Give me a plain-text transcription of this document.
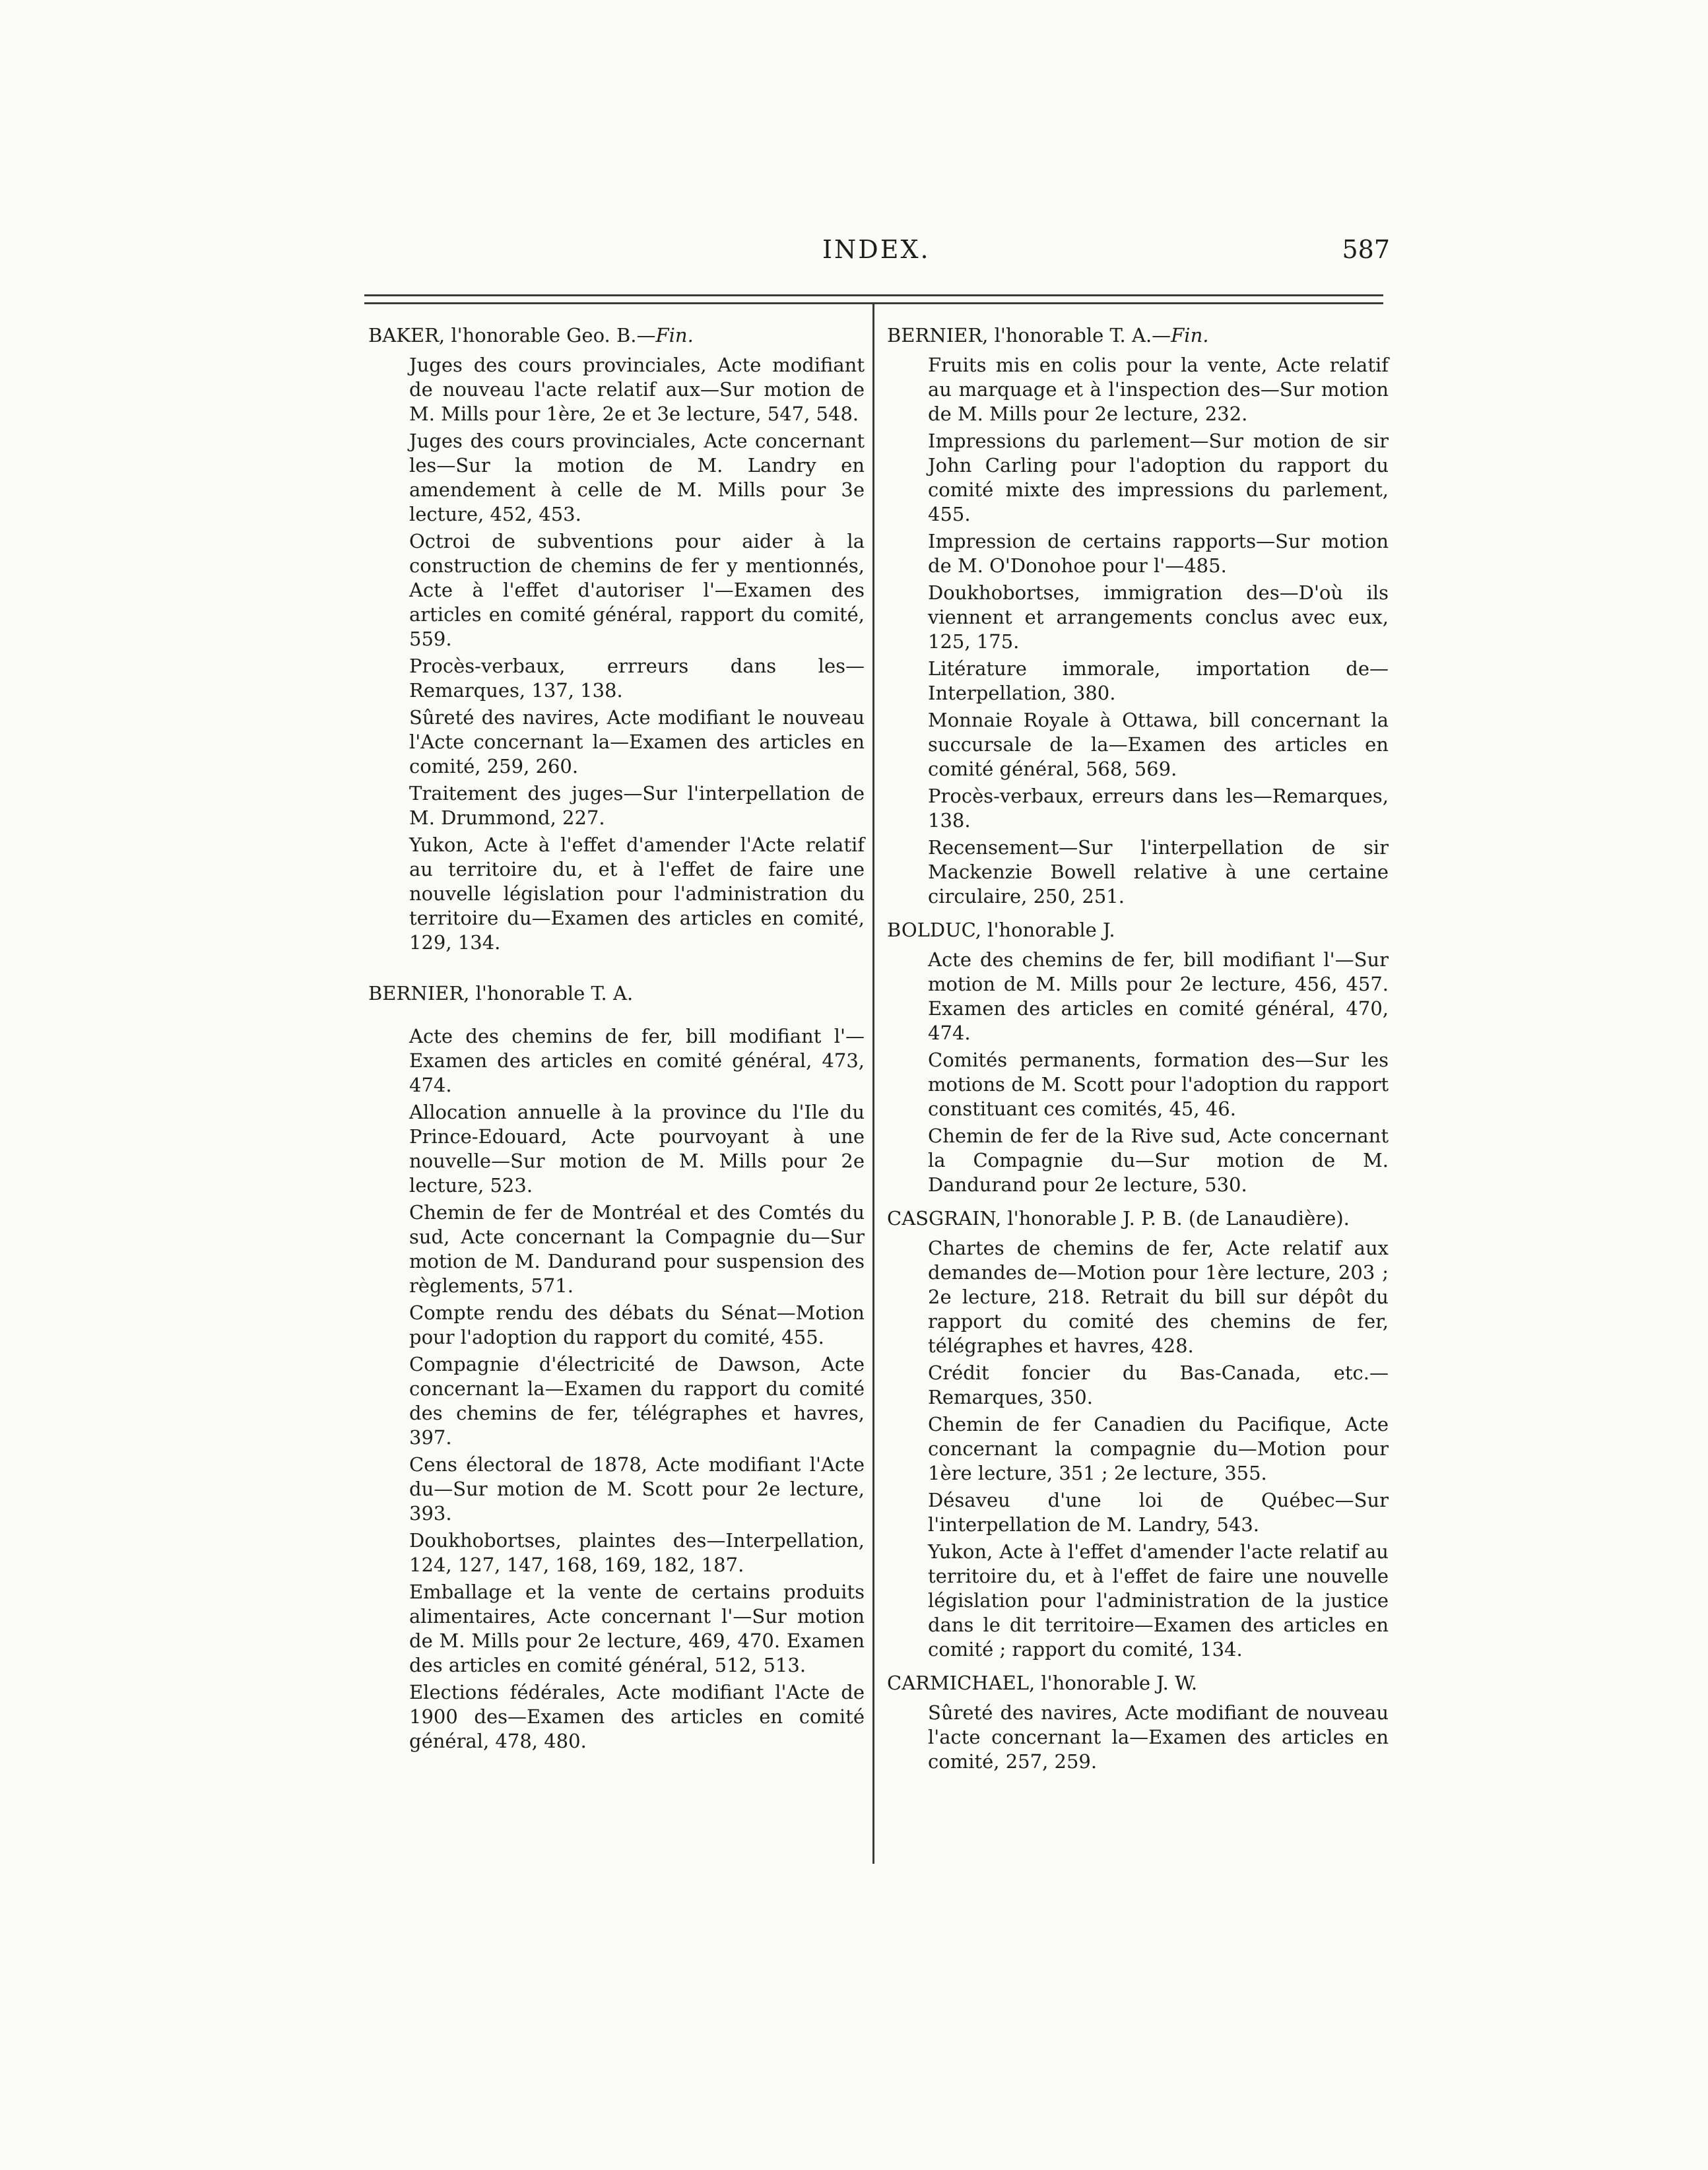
INDEX.	587
BAKER, l'honorable Geo. B.—Fin.
Juges des cours provinciales, Acte modifiant de nouveau l'acte relatif aux—Sur motion de M. Mills pour 1ère, 2e et 3e lecture, 547, 548.
Juges des cours provinciales, Acte concernant les—Sur la motion de M. Landry en amendement à celle de M. Mills pour 3e lecture, 452, 453.
Octroi de subventions pour aider à la construction de chemins de fer y mentionnés, Acte à l'effet d'autoriser l'—Examen des articles en comité général, rapport du comité, 559.
Procès-verbaux, errreurs dans les—Remarques, 137, 138.
Sûreté des navires, Acte modifiant le nouveau l'Acte concernant la—Examen des articles en comité, 259, 260.
Traitement des juges—Sur l'interpellation de M. Drummond, 227.
Yukon, Acte à l'effet d'amender l'Acte relatif au territoire du, et à l'effet de faire une nouvelle législation pour l'administration du territoire du—Examen des articles en comité, 129, 134.
BERNIER, l'honorable T. A.
Acte des chemins de fer, bill modifiant l'—Examen des articles en comité général, 473, 474.
Allocation annuelle à la province du l'Ile du Prince-Edouard, Acte pourvoyant à une nouvelle—Sur motion de M. Mills pour 2e lecture, 523.
Chemin de fer de Montréal et des Comtés du sud, Acte concernant la Compagnie du—Sur motion de M. Dandurand pour suspension des règlements, 571.
Compte rendu des débats du Sénat—Motion pour l'adoption du rapport du comité, 455.
Compagnie d'électricité de Dawson, Acte concernant la—Examen du rapport du comité des chemins de fer, télégraphes et havres, 397.
Cens électoral de 1878, Acte modifiant l'Acte du—Sur motion de M. Scott pour 2e lecture, 393.
Doukhobortses, plaintes des—Interpellation, 124, 127, 147, 168, 169, 182, 187.
Emballage et la vente de certains produits alimentaires, Acte concernant l'—Sur motion de M. Mills pour 2e lecture, 469, 470. Examen des articles en comité général, 512, 513.
Elections fédérales, Acte modifiant l'Acte de 1900 des—Examen des articles en comité général, 478, 480.
BERNIER, l'honorable T. A.—Fin.
Fruits mis en colis pour la vente, Acte relatif au marquage et à l'inspection des—Sur motion de M. Mills pour 2e lecture, 232.
Impressions du parlement—Sur motion de sir John Carling pour l'adoption du rapport du comité mixte des impressions du parlement, 455.
Impression de certains rapports—Sur motion de M. O'Donohoe pour l'—485.
Doukhobortses, immigration des—D'où ils viennent et arrangements conclus avec eux, 125, 175.
Litérature immorale, importation de—Interpellation, 380.
Monnaie Royale à Ottawa, bill concernant la succursale de la—Examen des articles en comité général, 568, 569.
Procès-verbaux, erreurs dans les—Remarques, 138.
Recensement—Sur l'interpellation de sir Mackenzie Bowell relative à une certaine circulaire, 250, 251.
BOLDUC, l'honorable J.
Acte des chemins de fer, bill modifiant l'—Sur motion de M. Mills pour 2e lecture, 456, 457. Examen des articles en comité général, 470, 474.
Comités permanents, formation des—Sur les motions de M. Scott pour l'adoption du rapport constituant ces comités, 45, 46.
Chemin de fer de la Rive sud, Acte concernant la Compagnie du—Sur motion de M. Dandurand pour 2e lecture, 530.
CASGRAIN, l'honorable J. P. B. (de Lanaudière).
Chartes de chemins de fer, Acte relatif aux demandes de—Motion pour 1ère lecture, 203 ; 2e lecture, 218. Retrait du bill sur dépôt du rapport du comité des chemins de fer, télégraphes et havres, 428.
Crédit foncier du Bas-Canada, etc.—Remarques, 350.
Chemin de fer Canadien du Pacifique, Acte concernant la compagnie du—Motion pour 1ère lecture, 351 ; 2e lecture, 355.
Désaveu d'une loi de Québec—Sur l'interpellation de M. Landry, 543.
Yukon, Acte à l'effet d'amender l'acte relatif au territoire du, et à l'effet de faire une nouvelle législation pour l'administration de la justice dans le dit territoire—Examen des articles en comité ; rapport du comité, 134.
CARMICHAEL, l'honorable J. W.
Sûreté des navires, Acte modifiant de nouveau l'acte concernant la—Examen des articles en comité, 257, 259.
